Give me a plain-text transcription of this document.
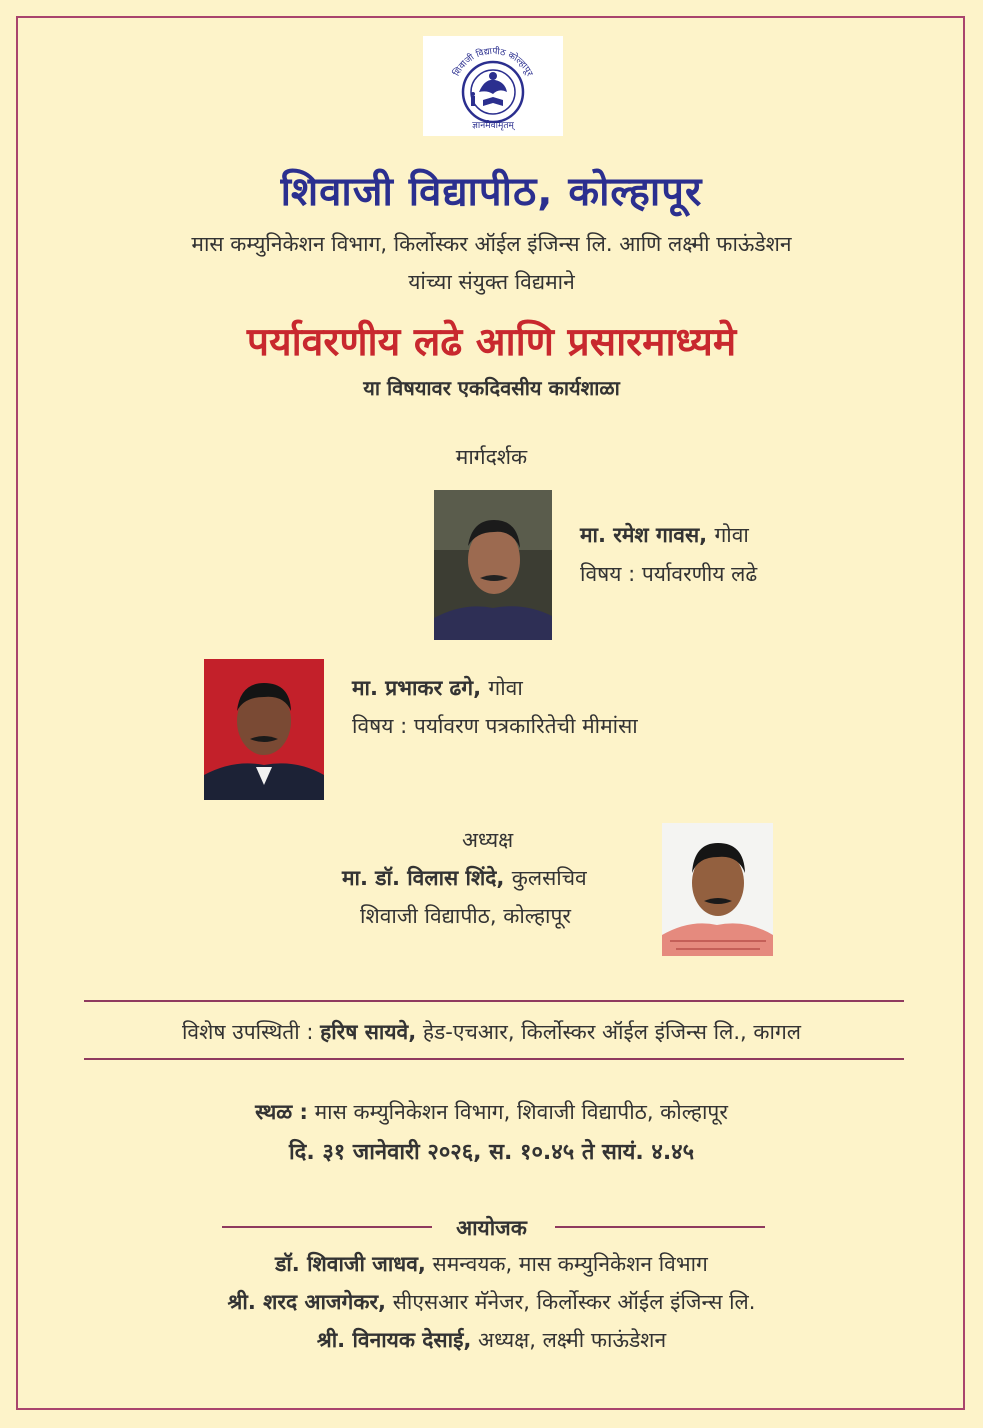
शिवाजी विद्यापीठ कोल्हापूर
ज्ञानमेवामृतम्
शिवाजी विद्यापीठ, कोल्हापूर
मास कम्युनिकेशन विभाग, किर्लोस्कर ऑईल इंजिन्स लि. आणि लक्ष्मी फाऊंडेशन
यांच्या संयुक्त विद्यमाने
पर्यावरणीय लढे आणि प्रसारमाध्यमे
या विषयावर एकदिवसीय कार्यशाळा
मार्गदर्शक
मा. रमेश गावस, गोवा
विषय : पर्यावरणीय लढे
मा. प्रभाकर ढगे, गोवा
विषय : पर्यावरण पत्रकारितेची मीमांसा
अध्यक्ष
मा. डॉ. विलास शिंदे, कुलसचिव
शिवाजी विद्यापीठ, कोल्हापूर
विशेष उपस्थिती : हरिष सायवे, हेड-एचआर, किर्लोस्कर ऑईल इंजिन्स लि., कागल
स्थळ : मास कम्युनिकेशन विभाग, शिवाजी विद्यापीठ, कोल्हापूर
दि. ३१ जानेवारी २०२६, स. १०.४५ ते सायं. ४.४५
आयोजक
डॉ. शिवाजी जाधव, समन्वयक, मास कम्युनिकेशन विभाग
श्री. शरद आजगेकर, सीएसआर मॅनेजर, किर्लोस्कर ऑईल इंजिन्स लि.
श्री. विनायक देसाई, अध्यक्ष, लक्ष्मी फाऊंडेशन
